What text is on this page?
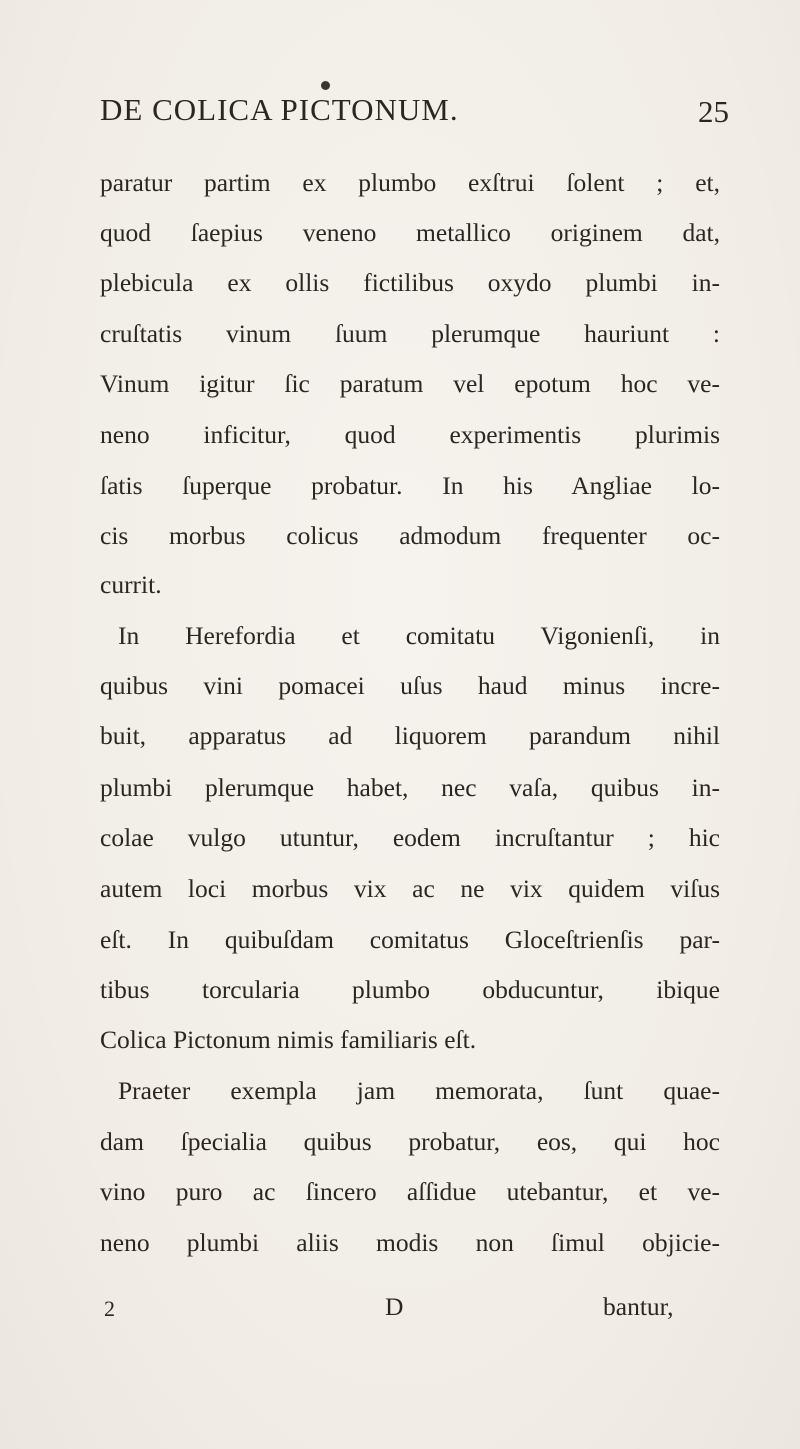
DE COLICA PICTONUM.	25
paratur partim ex plumbo exſtrui ſolent ; et,
quod ſaepius veneno metallico originem dat,
plebicula ex ollis fictilibus oxydo plumbi in-
cruſtatis vinum ſuum plerumque hauriunt :
Vinum igitur ſic paratum vel epotum hoc ve-
neno inficitur, quod experimentis plurimis
ſatis ſuperque probatur. In his Angliae lo-
cis morbus colicus admodum frequenter oc-
currit.
In Herefordia et comitatu Vigonienſi, in
quibus vini pomacei uſus haud minus incre-
buit, apparatus ad liquorem parandum nihil
plumbi plerumque habet, nec vaſa, quibus in-
colae vulgo utuntur, eodem incruſtantur ; hic
autem loci morbus vix ac ne vix quidem viſus
eſt. In quibuſdam comitatus Gloceſtrienſis par-
tibus torcularia plumbo obducuntur, ibique
Colica Pictonum nimis familiaris eſt.
Praeter exempla jam memorata, ſunt quae-
dam ſpecialia quibus probatur, eos, qui hoc
vino puro ac ſincero aſſidue utebantur, et ve-
neno plumbi aliis modis non ſimul objicie-
2	D	bantur,
